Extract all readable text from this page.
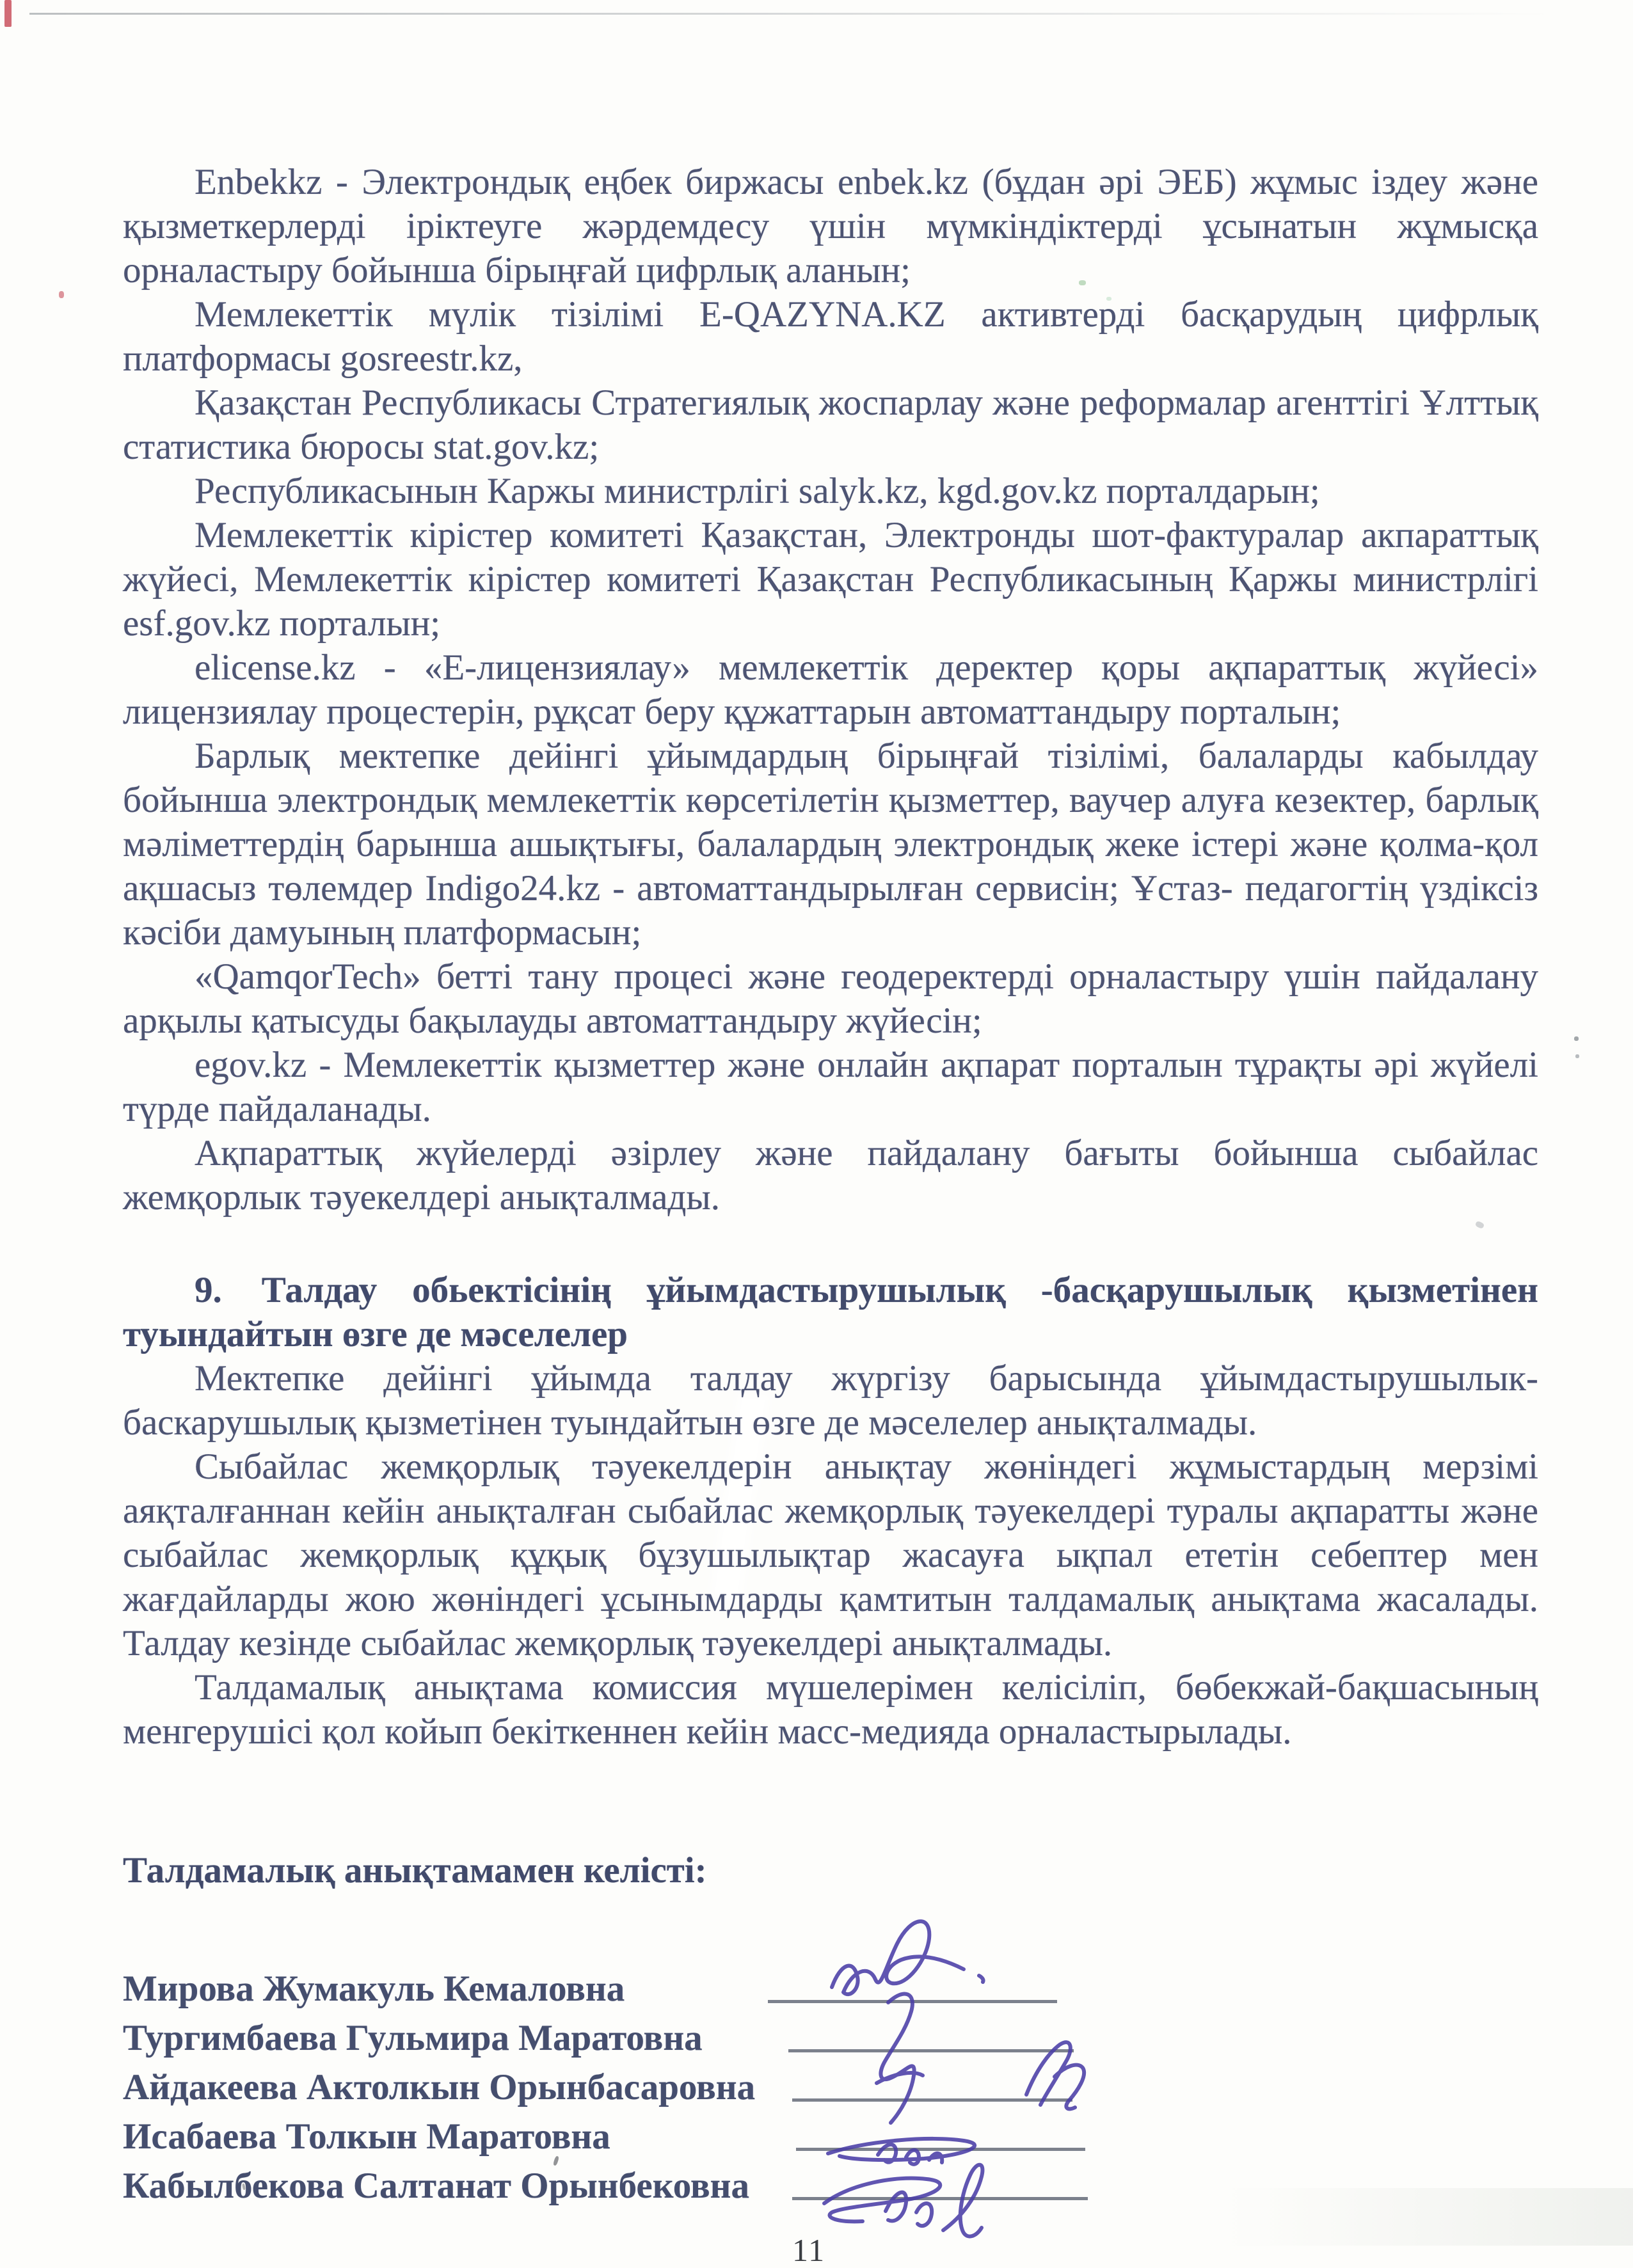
Enbekkz - Электрондық еңбек биржасы enbek.kz (бұдан әрі ЭЕБ) жұмыс іздеу және қызметкерлерді іріктеуге жәрдемдесу үшін мүмкіндіктерді ұсынатын жұмысқа орналастыру бойынша бірыңғай цифрлық аланын;

Мемлекеттік мүлік тізілімі E-QAZYNA.KZ активтерді басқарудың цифрлық платформасы gosreestr.kz,

Қазақстан Республикасы Стратегиялық жоспарлау және реформалар агенттігі Ұлттық статистика бюросы stat.gov.kz;

Республикасынын Каржы министрлігі salyk.kz, kgd.gov.kz порталдарын;

Мемлекеттік кірістер комитеті Қазақстан, Электронды шот-фактуралар акпараттық жүйесі, Мемлекеттік кірістер комитеті Қазақстан Республикасының Қаржы министрлігі esf.gov.kz порталын;

elicense.kz - «Е-лицензиялау» мемлекеттік деректер қоры ақпараттық жүйесі» лицензиялау процестерін, рұқсат беру құжаттарын автоматтандыру порталын;

Барлық мектепке дейінгі ұйымдардың бірыңғай тізілімі, балаларды кабылдау бойынша электрондық мемлекеттік көрсетілетін қызметтер, ваучер алуға кезектер, барлық мәліметтердің барынша ашықтығы, балалардың электрондық жеке істері және қолма-қол ақшасыз төлемдер Indigo24.kz - автоматтандырылған сервисін; Ұстаз- педагогтің үздіксіз кәсіби дамуының платформасын;

«QamqorTech» бетті тану процесі және геодеректерді орналастыру үшін пайдалану арқылы қатысуды бақылауды автоматтандыру жүйесін;

egov.kz - Мемлекеттік қызметтер және онлайн ақпарат порталын тұрақты әрі жүйелі түрде пайдаланады.

Ақпараттық жүйелерді әзірлеу және пайдалану бағыты бойынша сыбайлас жемқорлык тәуекелдері анықталмады.

9. Талдау обьектісінің ұйымдастырушылық -басқарушылық қызметінен туындайтын өзге де мәселелер

Мектепке дейінгі ұйымда талдау жүргізу барысында ұйымдастырушылык-баскарушылық қызметінен туындайтын өзге де мәселелер анықталмады.

Сыбайлас жемқорлық тәуекелдерін анықтау жөніндегі жұмыстардың мерзімі аяқталғаннан кейін анықталған сыбайлас жемқорлық тәуекелдері туралы ақпаратты және сыбайлас жемқорлық құқық бұзушылықтар жасауға ықпал ететін себептер мен жағдайларды жою жөніндегі ұсынымдарды қамтитын талдамалық анықтама жасалады. Талдау кезінде сыбайлас жемқорлық тәуекелдері анықталмады.

Талдамалық анықтама комиссия мүшелерімен келісіліп, бөбекжай-бақшасының менгерушісі қол койып бекіткеннен кейін масс-медияда орналастырылады.

Талдамалық анықтамамен келісті:

Мирова Жумакуль Кемаловна
Тургимбаева Гульмира Маратовна
Айдакеева Актолкын Орынбасаровна
Исабаева Толкын Маратовна
Кабылбекова Салтанат Орынбековна
11
